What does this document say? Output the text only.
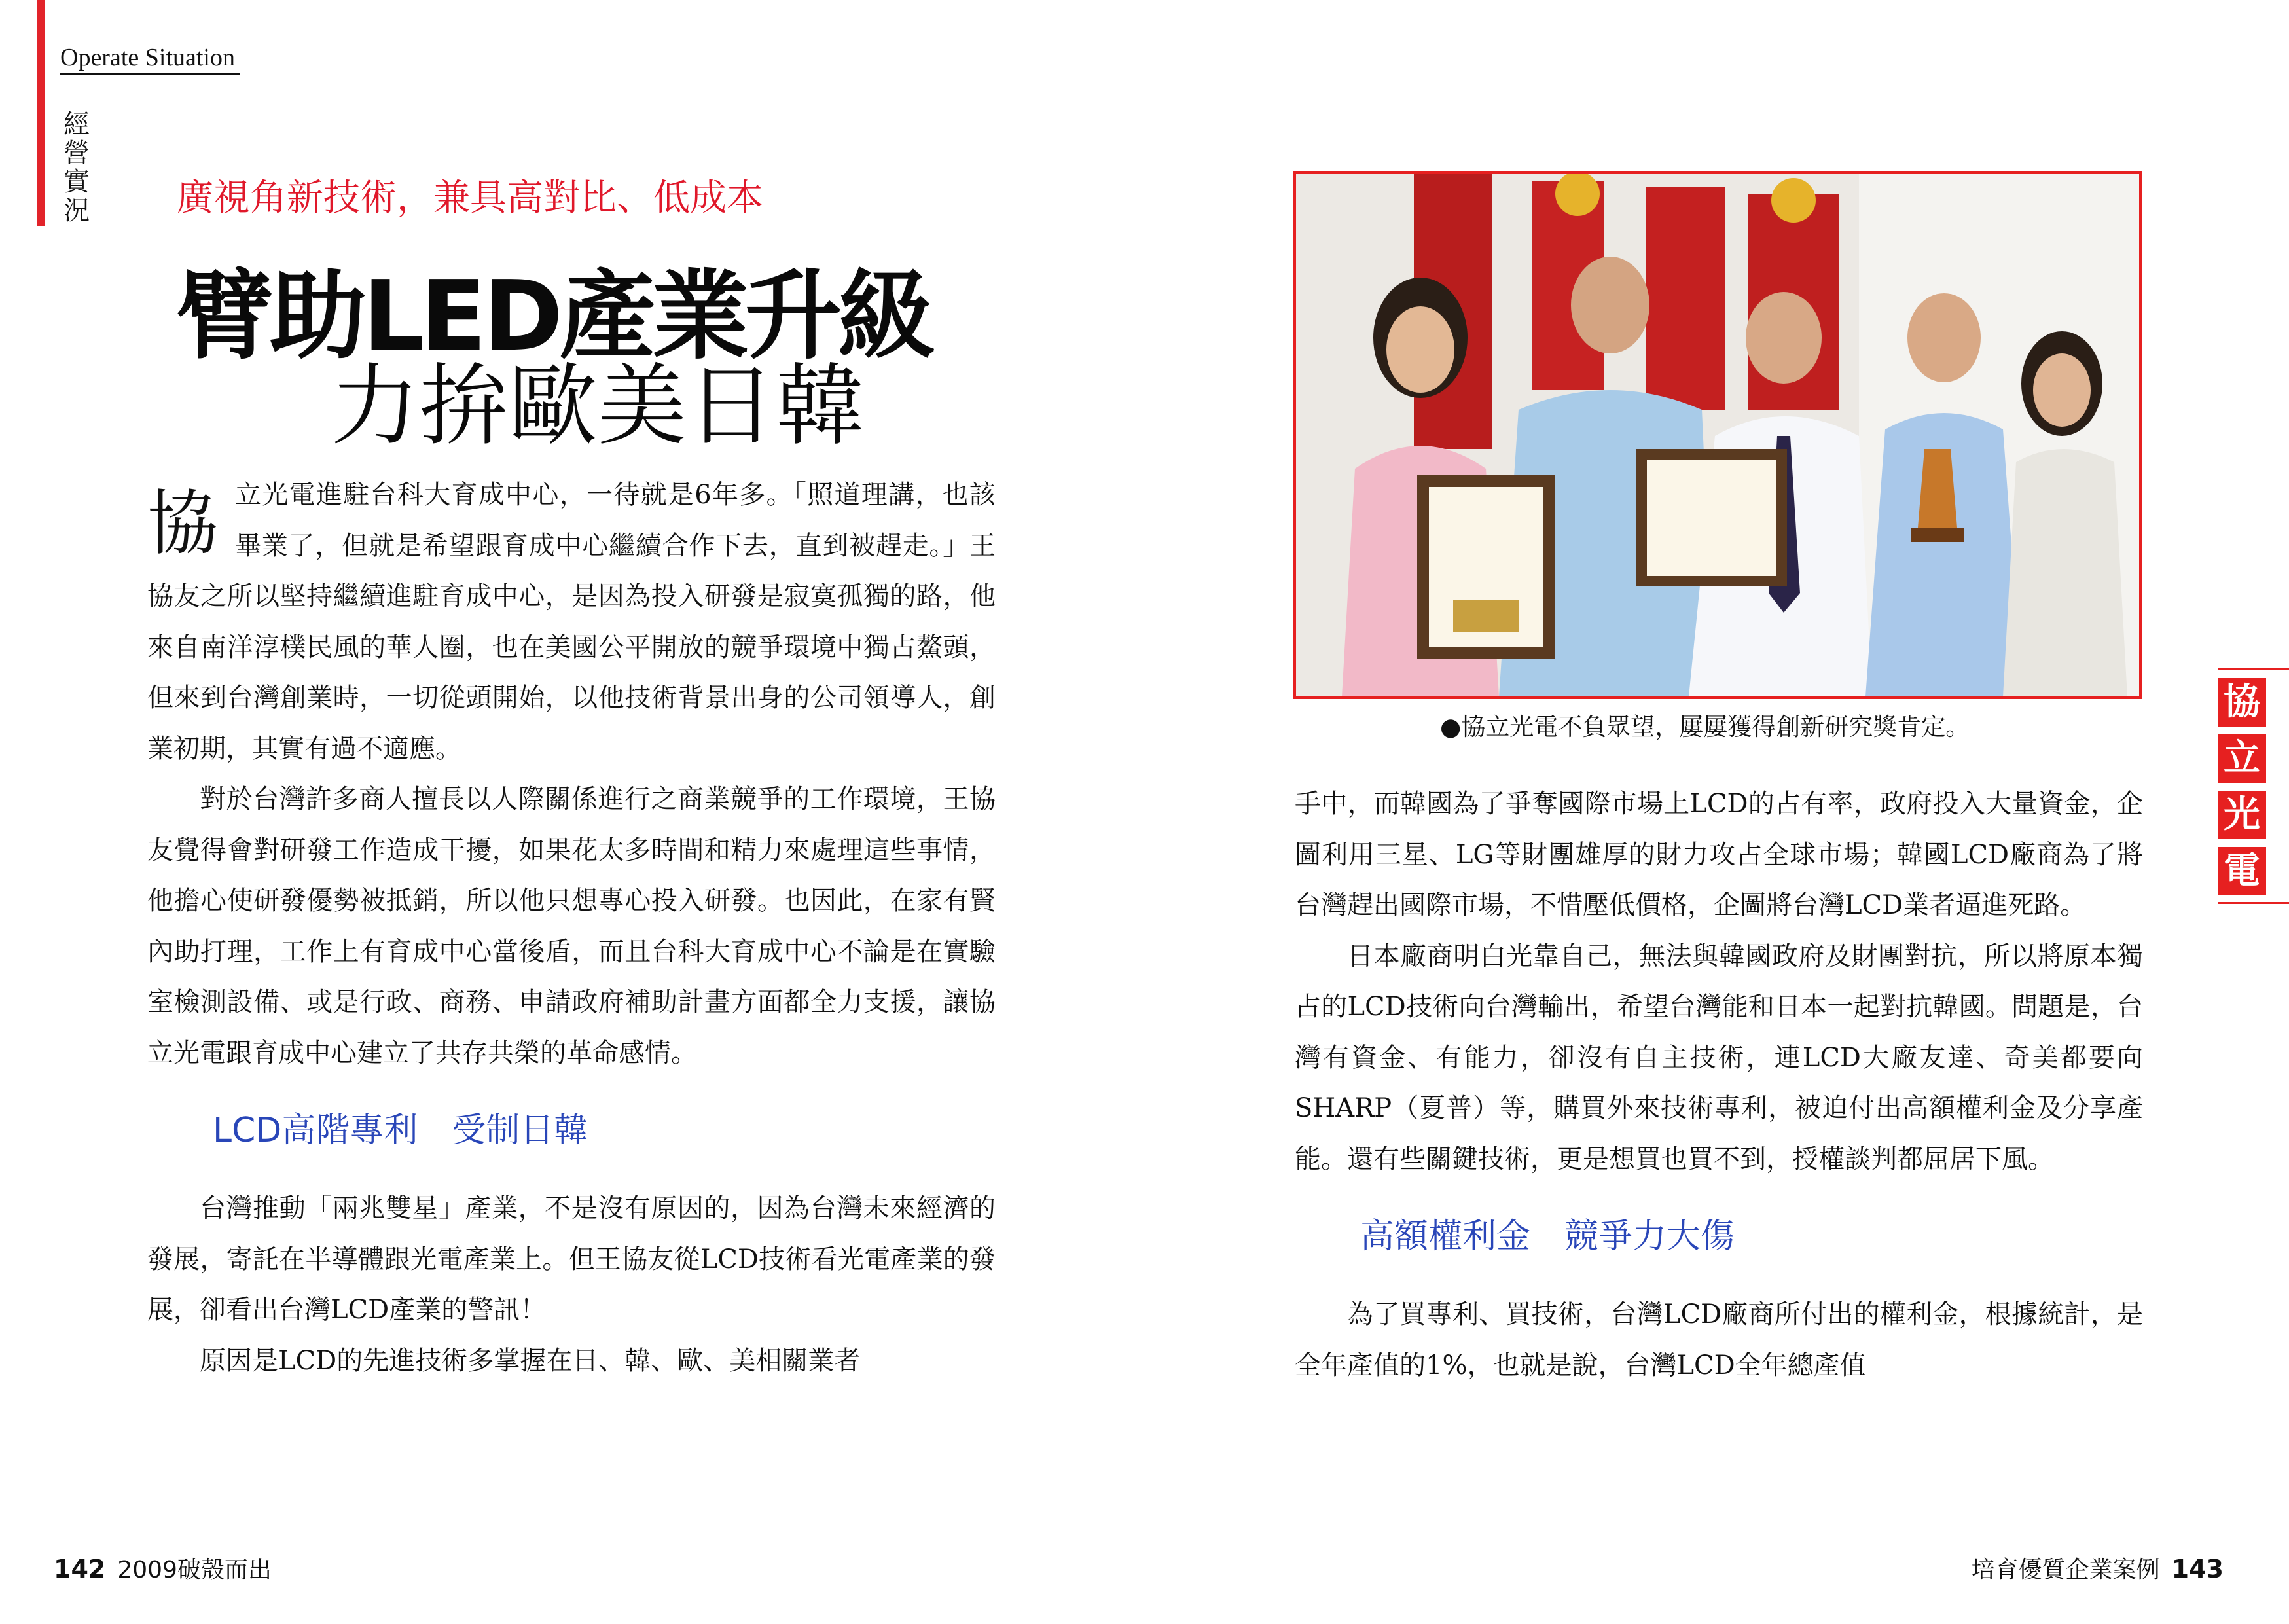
Operate Situation
經營實況 廣視角新技術，兼具高對比、低成本
臂助LED產業升級
力拚歐美日韓

協 立光電進駐台科大育成中心，一待就是6年多。「照道理講，也該畢業了，但就是希望跟育成中心繼續合作下去，直到被趕走。」王協友之所以堅持繼續進駐育成中心，是因為投入研發是寂寞孤獨的路，他來自南洋淳樸民風的華人圈，也在美國公平開放的競爭環境中獨占鰲頭，但來到台灣創業時，一切從頭開始，以他技術背景出身的公司領導人，創業初期，其實有過不適應。

對於台灣許多商人擅長以人際關係進行之商業競爭的工作環境，王協友覺得會對研發工作造成干擾，如果花太多時間和精力來處理這些事情，他擔心使研發優勢被抵銷，所以他只想專心投入研發。也因此，在家有賢內助打理，工作上有育成中心當後盾，而且台科大育成中心不論是在實驗室檢測設備、或是行政、商務、申請政府補助計畫方面都全力支援，讓協立光電跟育成中心建立了共存共榮的革命感情。

LCD高階專利　受制日韓

台灣推動「兩兆雙星」產業，不是沒有原因的，因為台灣未來經濟的發展，寄託在半導體跟光電產業上。但王協友從LCD技術看光電產業的發展，卻看出台灣LCD產業的警訊！

原因是LCD的先進技術多掌握在日、韓、歐、美相關業者

●協立光電不負眾望，屢屢獲得創新研究獎肯定。

手中，而韓國為了爭奪國際市場上LCD的占有率，政府投入大量資金，企圖利用三星、LG等財團雄厚的財力攻占全球市場；韓國LCD廠商為了將台灣趕出國際市場，不惜壓低價格，企圖將台灣LCD業者逼進死路。

日本廠商明白光靠自己，無法與韓國政府及財團對抗，所以將原本獨占的LCD技術向台灣輸出，希望台灣能和日本一起對抗韓國。問題是，台灣有資金、有能力，卻沒有自主技術，連LCD大廠友達、奇美都要向SHARP（夏普）等，購買外來技術專利，被迫付出高額權利金及分享產能。還有些關鍵技術，更是想買也買不到，授權談判都屈居下風。

高額權利金　競爭力大傷

為了買專利、買技術，台灣LCD廠商所付出的權利金，根據統計，是全年產值的1%，也就是說，台灣LCD全年總產值

協
立
光
電
142 2009破殼而出	培育優質企業案例 143
